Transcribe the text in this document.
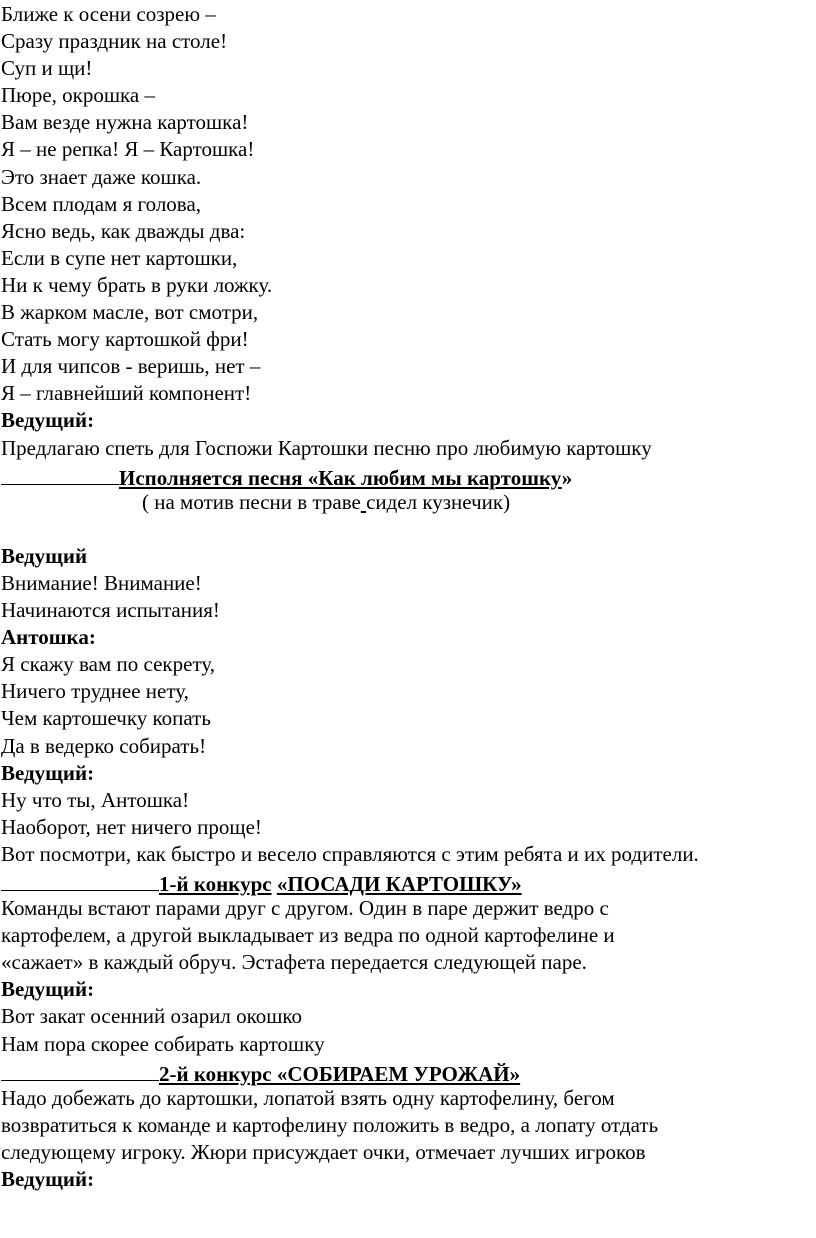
Ближе к осени созрею –
Сразу праздник на столе!
Суп и щи!
Пюре, окрошка –
Вам везде нужна картошка!
Я – не репка! Я – Картошка!
Это знает даже кошка.
Всем плодам я голова,
Ясно ведь, как дважды два:
Если в супе нет картошки,
Ни к чему брать в руки ложку.
В жарком масле, вот смотри,
Стать могу картошкой фри!
И для чипсов - веришь, нет –
Я – главнейший компонент!
Ведущий:
Предлагаю спеть для Госпожи Картошки песню про любимую картошку
Исполняется песня «Как любим мы картошку»
( на мотив песни в траве сидел кузнечик)
Ведущий
Внимание! Внимание!
Начинаются испытания!
Антошка:
Я скажу вам по секрету,
Ничего труднее нету,
Чем картошечку копать
Да в ведерко собирать!
Ведущий:
Ну что ты, Антошка!
Наоборот, нет ничего проще!
Вот посмотри, как быстро и весело справляются с этим ребята и их родители.
1-й конкурс «ПОСАДИ КАРТОШКУ»
Команды встают парами друг с другом. Один в паре держит ведро с
картофелем, а другой выкладывает из ведра по одной картофелине и
«сажает» в каждый обруч. Эстафета передается следующей паре.
Ведущий:
Вот закат осенний озарил окошко
Нам пора скорее собирать картошку
2-й конкурс «СОБИРАЕМ УРОЖАЙ»
Надо добежать до картошки, лопатой взять одну картофелину, бегом
возвратиться к команде и картофелину положить в ведро, а лопату отдать
следующему игроку. Жюри присуждает очки, отмечает лучших игроков
Ведущий:
